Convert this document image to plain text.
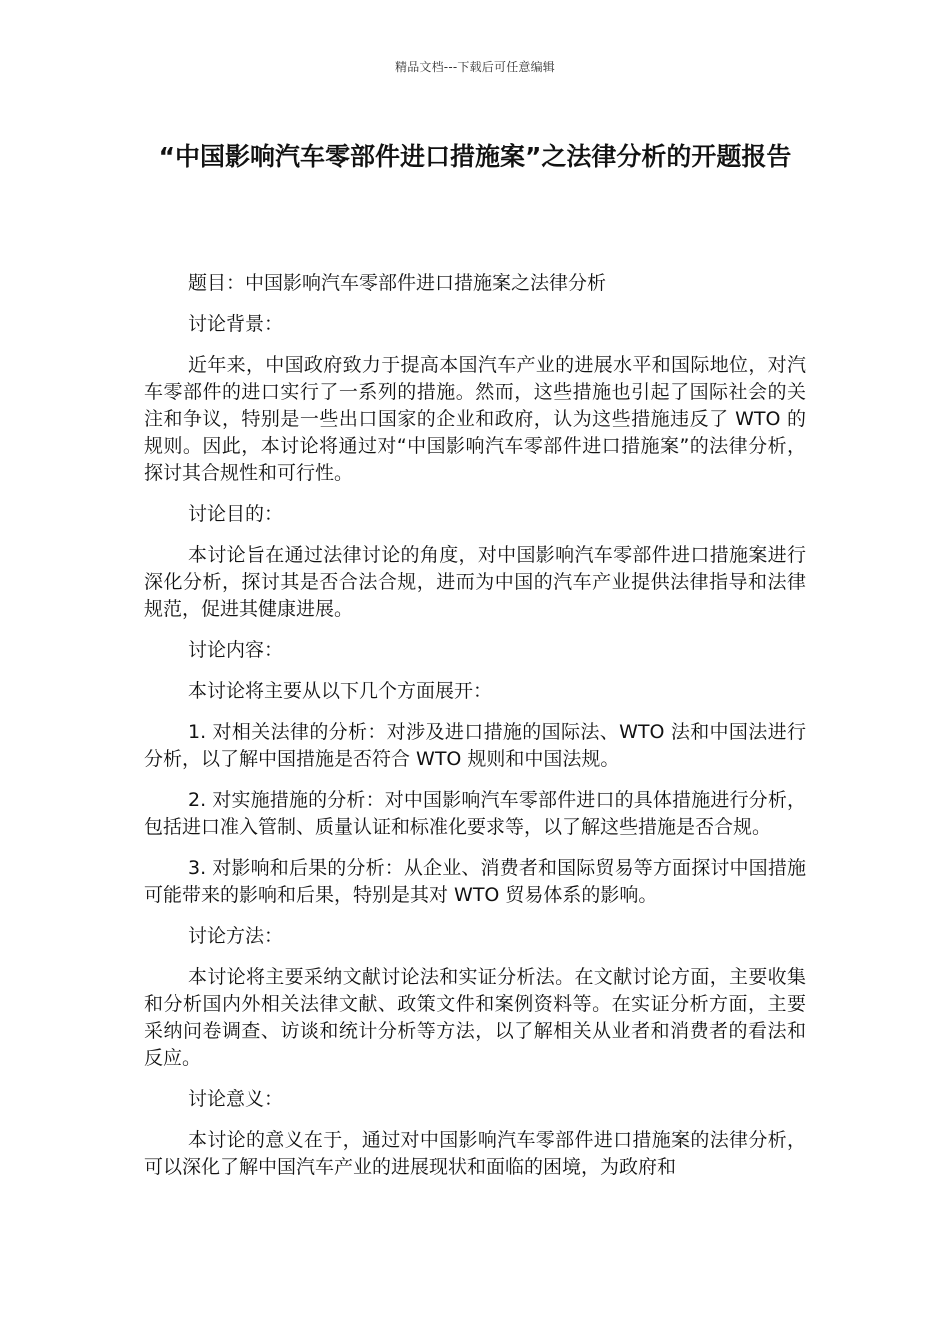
精品文档---下载后可任意编辑
“中国影响汽车零部件进口措施案”之法律分析的开题报告

题目：中国影响汽车零部件进口措施案之法律分析

讨论背景：

近年来，中国政府致力于提高本国汽车产业的进展水平和国际地位，对汽车零部件的进口实行了一系列的措施。然而，这些措施也引起了国际社会的关注和争议，特别是一些出口国家的企业和政府，认为这些措施违反了 WTO 的规则。因此，本讨论将通过对“中国影响汽车零部件进口措施案”的法律分析，探讨其合规性和可行性。

讨论目的：

本讨论旨在通过法律讨论的角度，对中国影响汽车零部件进口措施案进行深化分析，探讨其是否合法合规，进而为中国的汽车产业提供法律指导和法律规范，促进其健康进展。

讨论内容：

本讨论将主要从以下几个方面展开：

1. 对相关法律的分析：对涉及进口措施的国际法、WTO 法和中国法进行分析，以了解中国措施是否符合 WTO 规则和中国法规。

2. 对实施措施的分析：对中国影响汽车零部件进口的具体措施进行分析，包括进口准入管制、质量认证和标准化要求等，以了解这些措施是否合规。

3. 对影响和后果的分析：从企业、消费者和国际贸易等方面探讨中国措施可能带来的影响和后果，特别是其对 WTO 贸易体系的影响。

讨论方法：

本讨论将主要采纳文献讨论法和实证分析法。在文献讨论方面，主要收集和分析国内外相关法律文献、政策文件和案例资料等。在实证分析方面，主要采纳问卷调查、访谈和统计分析等方法，以了解相关从业者和消费者的看法和反应。

讨论意义：

本讨论的意义在于，通过对中国影响汽车零部件进口措施案的法律分析，可以深化了解中国汽车产业的进展现状和面临的困境，为政府和
